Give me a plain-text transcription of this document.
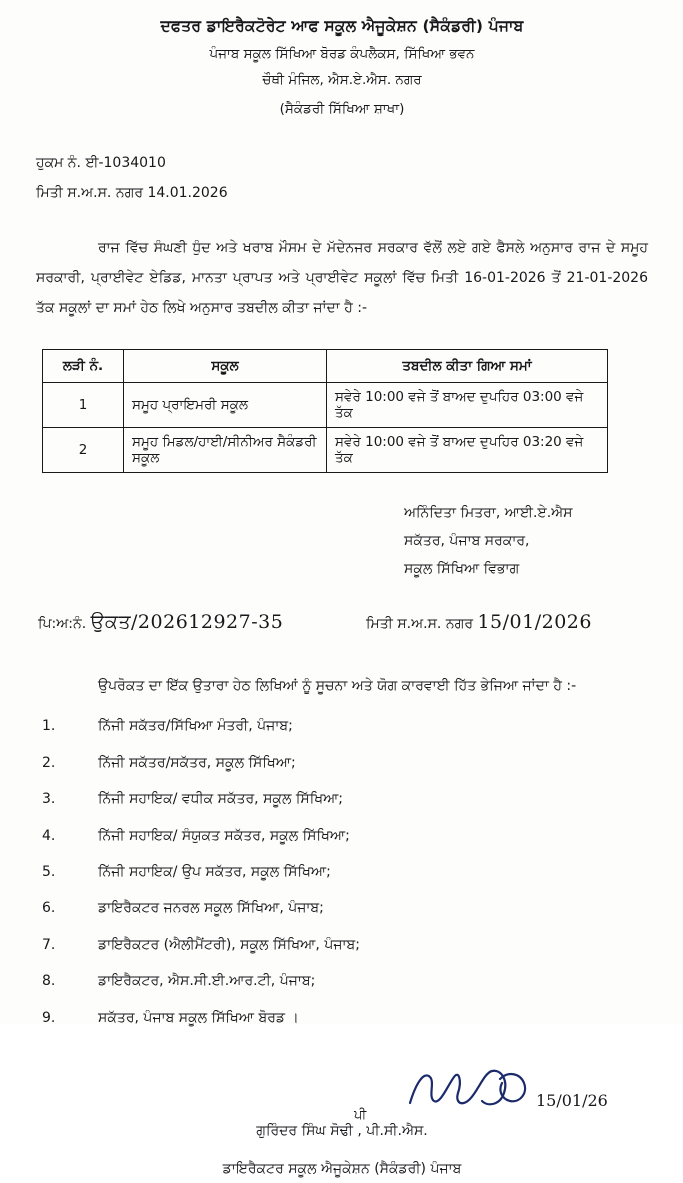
ਦਫਤਰ ਡਾਇਰੈਕਟੋਰੇਟ ਆਫ ਸਕੂਲ ਐਜੂਕੇਸ਼ਨ (ਸੈਕੰਡਰੀ) ਪੰਜਾਬ
ਪੰਜਾਬ ਸਕੂਲ ਸਿੱਖਿਆ ਬੋਰਡ ਕੰਪਲੈਕਸ, ਸਿੱਖਿਆ ਭਵਨ
ਚੌਥੀ ਮੰਜਿਲ, ਐਸ.ਏ.ਐਸ. ਨਗਰ
(ਸੈਕੰਡਰੀ ਸਿੱਖਿਆ ਸ਼ਾਖਾ)
ਹੁਕਮ ਨੰ. ਈ-1034010
ਮਿਤੀ ਸ.ਅ.ਸ. ਨਗਰ 14.01.2026
ਰਾਜ ਵਿੱਚ ਸੰਘਣੀ ਧੁੰਦ ਅਤੇ ਖਰਾਬ ਮੌਸਮ ਦੇ ਮੱਦੇਨਜਰ ਸਰਕਾਰ ਵੱਲੋਂ ਲਏ ਗਏ ਫੈਸਲੇ ਅਨੁਸਾਰ ਰਾਜ ਦੇ ਸਮੂਹ ਸਰਕਾਰੀ, ਪ੍ਰਾਈਵੇਟ ਏਡਿਡ, ਮਾਨਤਾ ਪ੍ਰਾਪਤ ਅਤੇ ਪ੍ਰਾਈਵੇਟ ਸਕੂਲਾਂ ਵਿੱਚ ਮਿਤੀ 16-01-2026 ਤੋਂ 21-01-2026 ਤੱਕ ਸਕੂਲਾਂ ਦਾ ਸਮਾਂ ਹੇਠ ਲਿਖੇ ਅਨੁਸਾਰ ਤਬਦੀਲ ਕੀਤਾ ਜਾਂਦਾ ਹੈ :-
ਲੜੀ ਨੰ.	ਸਕੂਲ	ਤਬਦੀਲ ਕੀਤਾ ਗਿਆ ਸਮਾਂ
1	ਸਮੂਹ ਪ੍ਰਾਇਮਰੀ ਸਕੂਲ	ਸਵੇਰੇ 10:00 ਵਜੇ ਤੋਂ ਬਾਅਦ ਦੁਪਹਿਰ 03:00 ਵਜੇ ਤੱਕ
2	ਸਮੂਹ ਮਿਡਲ/ਹਾਈ/ਸੀਨੀਅਰ ਸੈਕੰਡਰੀ ਸਕੂਲ	ਸਵੇਰੇ 10:00 ਵਜੇ ਤੋਂ ਬਾਅਦ ਦੁਪਹਿਰ 03:20 ਵਜੇ ਤੱਕ
ਅਨਿੰਦਿਤਾ ਮਿਤਰਾ, ਆਈ.ਏ.ਐਸ
ਸਕੱਤਰ, ਪੰਜਾਬ ਸਰਕਾਰ,
ਸਕੂਲ ਸਿੱਖਿਆ ਵਿਭਾਗ
ਪਿ:ਅ:ਨੰ. ਉਕਤ/202612927-35	ਮਿਤੀ ਸ.ਅ.ਸ. ਨਗਰ 15/01/2026
ਉਪਰੋਕਤ ਦਾ ਇੱਕ ਉਤਾਰਾ ਹੇਠ ਲਿਖਿਆਂ ਨੂੰ ਸੂਚਨਾ ਅਤੇ ਯੋਗ ਕਾਰਵਾਈ ਹਿੱਤ ਭੇਜਿਆ ਜਾਂਦਾ ਹੈ :-
1.	ਨਿੱਜੀ ਸਕੱਤਰ/ਸਿੱਖਿਆ ਮੰਤਰੀ, ਪੰਜਾਬ;
2.	ਨਿੱਜੀ ਸਕੱਤਰ/ਸਕੱਤਰ, ਸਕੂਲ ਸਿੱਖਿਆ;
3.	ਨਿੱਜੀ ਸਹਾਇਕ/ ਵਧੀਕ ਸਕੱਤਰ, ਸਕੂਲ ਸਿੱਖਿਆ;
4.	ਨਿੱਜੀ ਸਹਾਇਕ/ ਸੰਯੁਕਤ ਸਕੱਤਰ, ਸਕੂਲ ਸਿੱਖਿਆ;
5.	ਨਿੱਜੀ ਸਹਾਇਕ/ ਉਪ ਸਕੱਤਰ, ਸਕੂਲ ਸਿੱਖਿਆ;
6.	ਡਾਇਰੈਕਟਰ ਜਨਰਲ ਸਕੂਲ ਸਿੱਖਿਆ, ਪੰਜਾਬ;
7.	ਡਾਇਰੈਕਟਰ (ਐਲੀਮੈਂਟਰੀ), ਸਕੂਲ ਸਿੱਖਿਆ, ਪੰਜਾਬ;
8.	ਡਾਇਰੈਕਟਰ, ਐਸ.ਸੀ.ਈ.ਆਰ.ਟੀ, ਪੰਜਾਬ;
9.	ਸਕੱਤਰ, ਪੰਜਾਬ ਸਕੂਲ ਸਿੱਖਿਆ ਬੋਰਡ ।
15/01/26
ਗੁਰਿੰਦਰ ਸਿੰਘ ਸੋਢੀ , ਪੀ.ਸੀ.ਐਸ.
ਡਾਇਰੈਕਟਰ ਸਕੂਲ ਐਜੂਕੇਸ਼ਨ (ਸੈਕੰਡਰੀ) ਪੰਜਾਬ
ਪੀ
